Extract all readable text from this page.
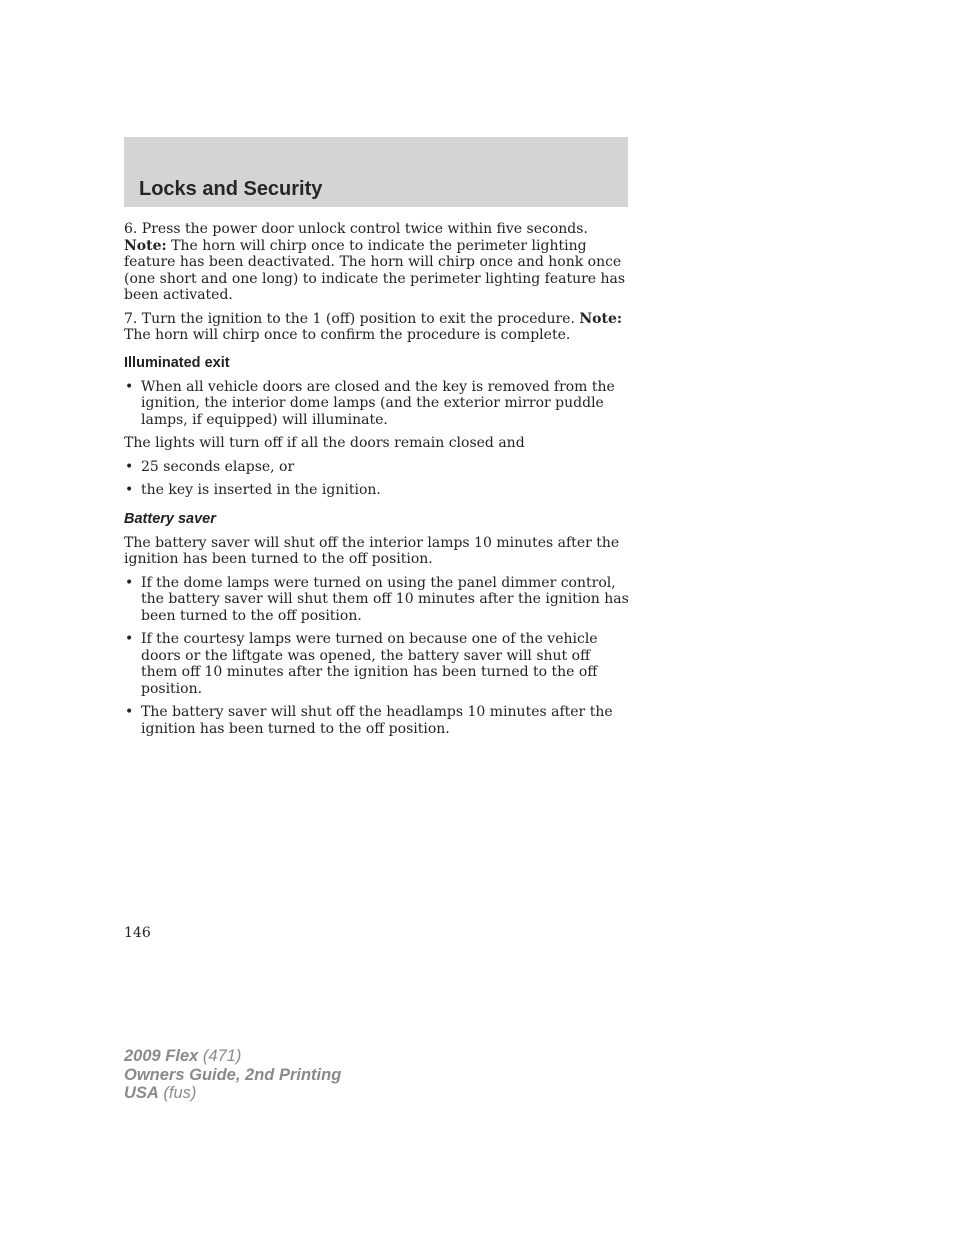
Locks and Security

6. Press the power door unlock control twice within five seconds. Note: The horn will chirp once to indicate the perimeter lighting feature has been deactivated. The horn will chirp once and honk once (one short and one long) to indicate the perimeter lighting feature has been activated.

7. Turn the ignition to the 1 (off) position to exit the procedure. Note: The horn will chirp once to confirm the procedure is complete.

Illuminated exit
• When all vehicle doors are closed and the key is removed from the ignition, the interior dome lamps (and the exterior mirror puddle lamps, if equipped) will illuminate.

The lights will turn off if all the doors remain closed and

• 25 seconds elapse, or
• the key is inserted in the ignition.
Battery saver

The battery saver will shut off the interior lamps 10 minutes after the ignition has been turned to the off position.

• If the dome lamps were turned on using the panel dimmer control, the battery saver will shut them off 10 minutes after the ignition has been turned to the off position.
• If the courtesy lamps were turned on because one of the vehicle doors or the liftgate was opened, the battery saver will shut off them off 10 minutes after the ignition has been turned to the off position.
• The battery saver will shut off the headlamps 10 minutes after the ignition has been turned to the off position.
146
2009 Flex (471)
Owners Guide, 2nd Printing
USA (fus)
